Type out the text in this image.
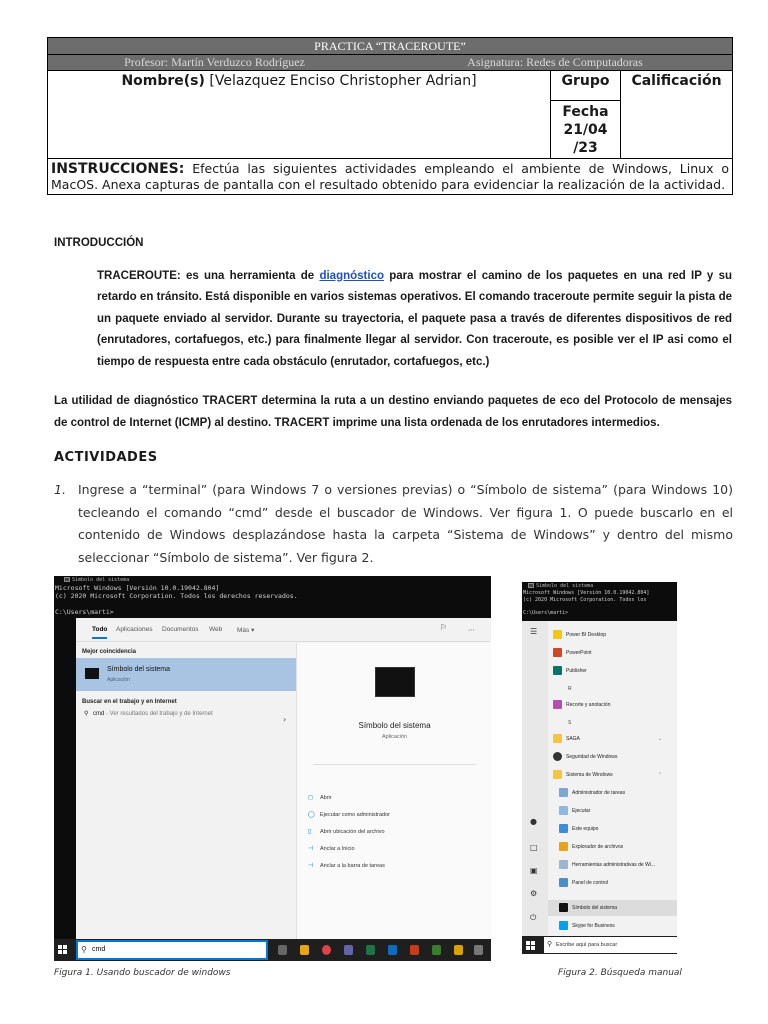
PRACTICA “TRACEROUTE”
Profesor: Martín Verduzco Rodríguez	Asignatura: Redes de Computadoras
Nombre(s) [Velazquez Enciso Christopher Adrian]	Grupo	Calificación

Fecha
21/04
/23

INSTRUCCIONES: Efectúa las siguientes actividades empleando el ambiente de Windows, Linux o MacOS. Anexa capturas de pantalla con el resultado obtenido para evidenciar la realización de la actividad.
INTRODUCCIÓN

TRACEROUTE: es una herramienta de diagnóstico para mostrar el camino de los paquetes en una red IP y su retardo en tránsito. Está disponible en varios sistemas operativos. El comando traceroute permite seguir la pista de un paquete enviado al servidor. Durante su trayectoria, el paquete pasa a través de diferentes dispositivos de red (enrutadores, cortafuegos, etc.) para finalmente llegar al servidor. Con traceroute, es posible ver el IP asi como el tiempo de respuesta entre cada obstáculo (enrutador, cortafuegos, etc.)
La utilidad de diagnóstico TRACERT determina la ruta a un destino enviando paquetes de eco del Protocolo de mensajes de control de Internet (ICMP) al destino. TRACERT imprime una lista ordenada de los enrutadores intermedios.
ACTIVIDADES
1. Ingrese a “terminal” (para Windows 7 o versiones previas) o “Símbolo de sistema” (para Windows 10) tecleando el comando “cmd” desde el buscador de Windows. Ver figura 1. O puede buscarlo en el contenido de Windows desplazándose hasta la carpeta “Sistema de Windows” y dentro del mismo seleccionar “Símbolo de sistema”. Ver figura 2.
Símbolo del sistema
Microsoft Windows [Versión 10.0.19042.804]
(c) 2020 Microsoft Corporation. Todos los derechos reservados.
C:\Users\marti>
Todo Aplicaciones Documentos Web Más ▾	⚐	⋯
Mejor coincidencia
Símbolo del sistema
Aplicación
Buscar en el trabajo y en Internet
⚲ cmd - Ver resultados del trabajo y de Internet
›
Símbolo del sistema
Aplicación
◻ Abrir
◯ Ejecutar como administrador
▯ Abrir ubicación del archivo
⊣ Anclar a Inicio
⊣ Anclar a la barra de tareas
⚲ cmd
Figura 1. Usando buscador de windows
Símbolo del sistema
Microsoft Windows [Versión 10.0.19042.804]
(c) 2020 Microsoft Corporation. Todos los
C:\Users\marti>
☰
●
□
▣
⚙
⏻
Power BI Desktop
PowerPoint
Publisher
R
Recorte y anotación
S
SAGA	⌄
Seguridad de Windows
Sistema de Windows	⌃
Administrador de tareas
Ejecutar
Este equipo
Explorador de archivos
Herramientas administrativas de Wi...
Panel de control
Símbolo del sistema
Skype for Business
⚲ Escribe aquí para buscar
Figura 2. Búsqueda manual
